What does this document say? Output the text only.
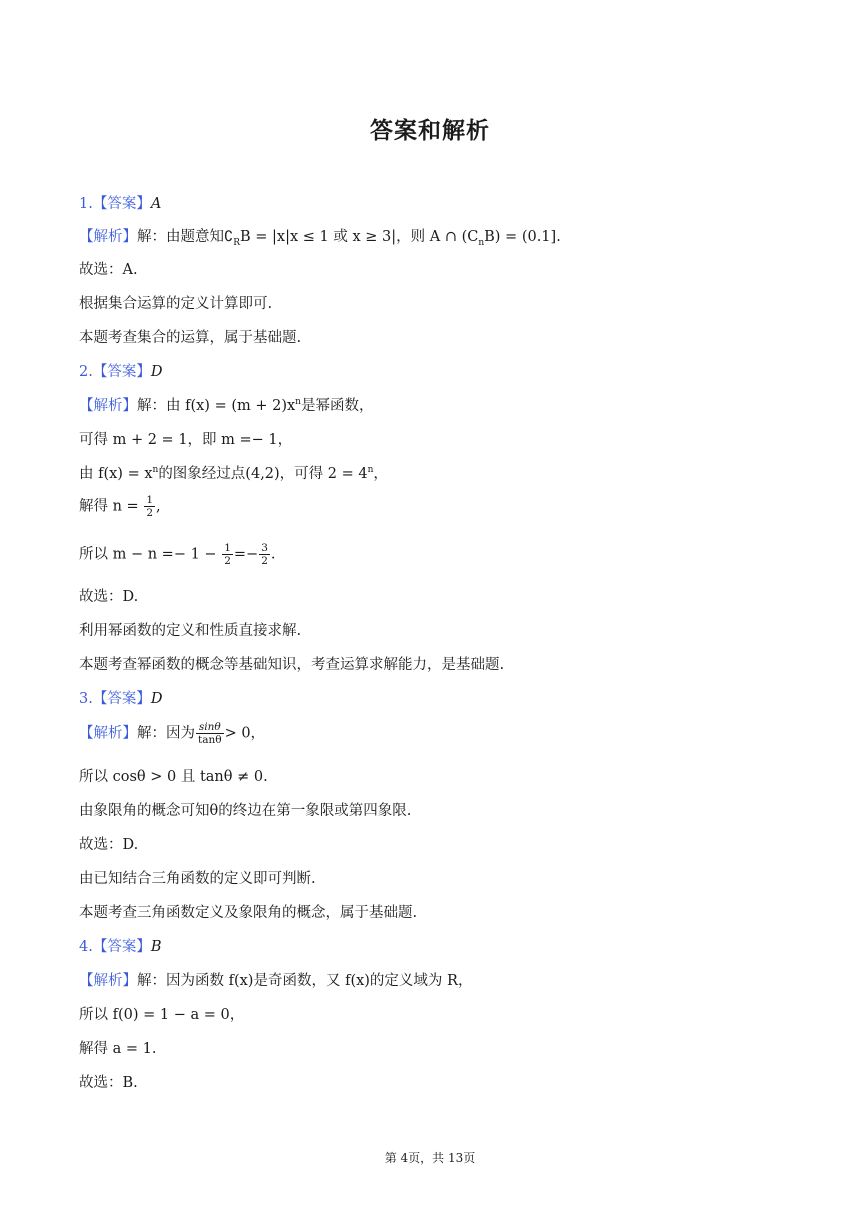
答案和解析
1.【答案】A
【解析】解：由题意知$∁_RB = |x|x \le 1$ 或 x ≥ 3|，则 A ∩ $(C_nB) = (0.1]$.
故选：A.
根据集合运算的定义计算即可.
本题考查集合的运算，属于基础题.
2.【答案】D
【解析】解：由 $f(x) = (m + 2)x^n$是幂函数，
可得 m + 2 = 1，即 m =− 1，
由 $f(x) = x^n$的图象经过点(4,2)，可得 $2 = 4^n$，
解得 $n = \frac{1}{2}$ ,
所以 $m - n =- 1 - \frac{1}{2} =- \frac{3}{2}$ .
故选：D.
利用幂函数的定义和性质直接求解.
本题考查幂函数的概念等基础知识，考查运算求解能力，是基础题.
3.【答案】D
【解析】解：因为 $\frac{\sin\theta}{\tan\theta} > 0$，
所以 cosθ > 0 且 tanθ ≠ 0.
由象限角的概念可知θ的终边在第一象限或第四象限.
故选：D.
由已知结合三角函数的定义即可判断.
本题考查三角函数定义及象限角的概念，属于基础题.
4.【答案】B
【解析】解：因为函数 f(x)是奇函数，又 f(x)的定义域为 R，
所以 f(0) = 1 − a = 0，
解得 a = 1.
故选：B.
第 4页，共 13页
